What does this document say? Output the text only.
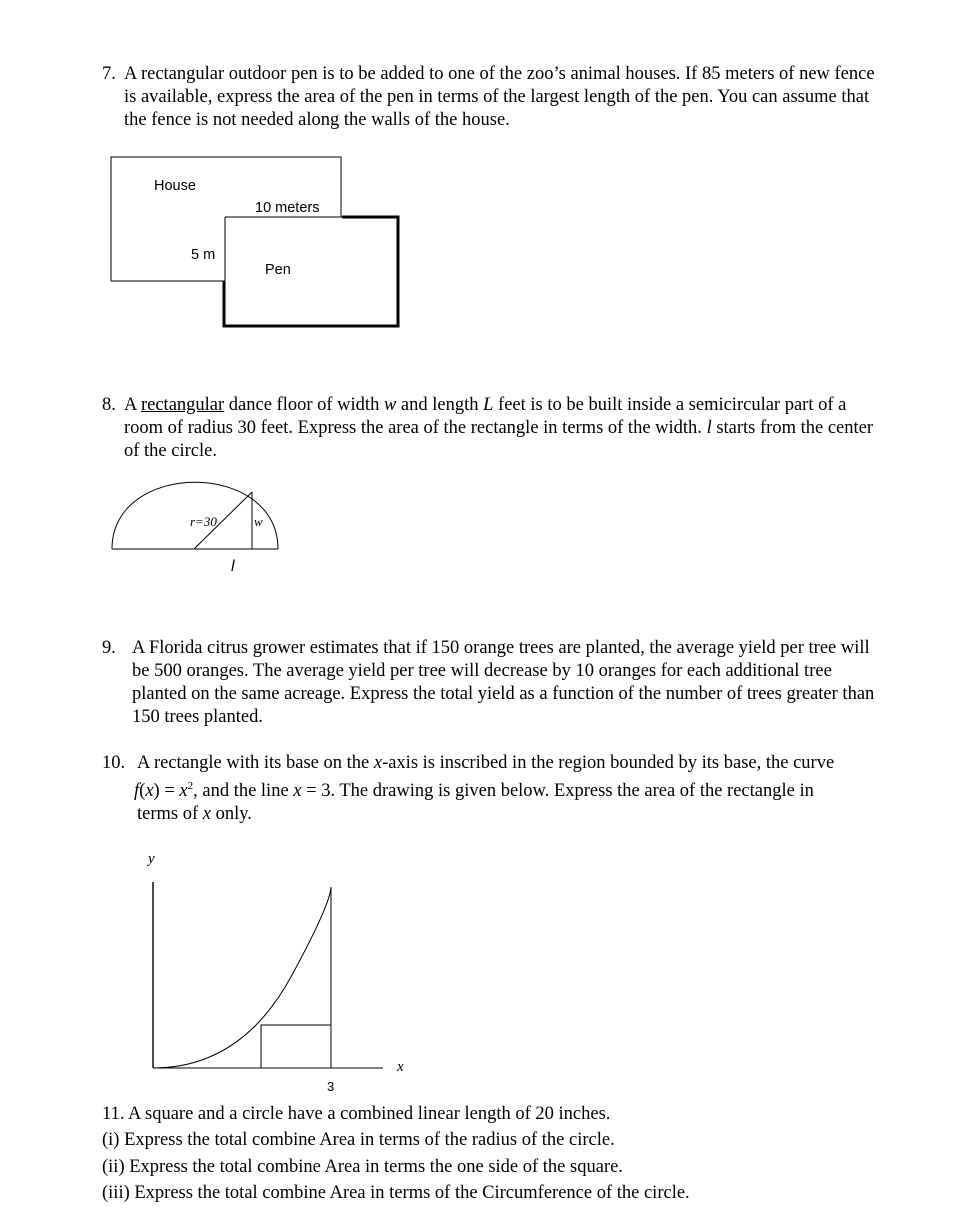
7. A rectangular outdoor pen is to be added to one of the zoo’s animal houses. If 85 meters of new fence
is available, express the area of the pen in terms of the largest length of the pen. You can assume that
the fence is not needed along the walls of the house.
House
10 meters
5 m
Pen
r=30	w
l
y
x
3
8. A rectangular dance floor of width w and length L feet is to be built inside a semicircular part of a
room of radius 30 feet. Express the area of the rectangle in terms of the width. l starts from the center
of the circle.
9. A Florida citrus grower estimates that if 150 orange trees are planted, the average yield per tree will
be 500 oranges. The average yield per tree will decrease by 10 oranges for each additional tree
planted on the same acreage. Express the total yield as a function of the number of trees greater than
150 trees planted.
10. A rectangle with its base on the x-axis is inscribed in the region bounded by its base, the curve
$f(x) = x^2$, and the line x = 3. The drawing is given below. Express the area of the rectangle in
terms of x only.
11. A square and a circle have a combined linear length of 20 inches.
(i) Express the total combine Area in terms of the radius of the circle.
(ii) Express the total combine Area in terms the one side of the square.
(iii) Express the total combine Area in terms of the Circumference of the circle.
